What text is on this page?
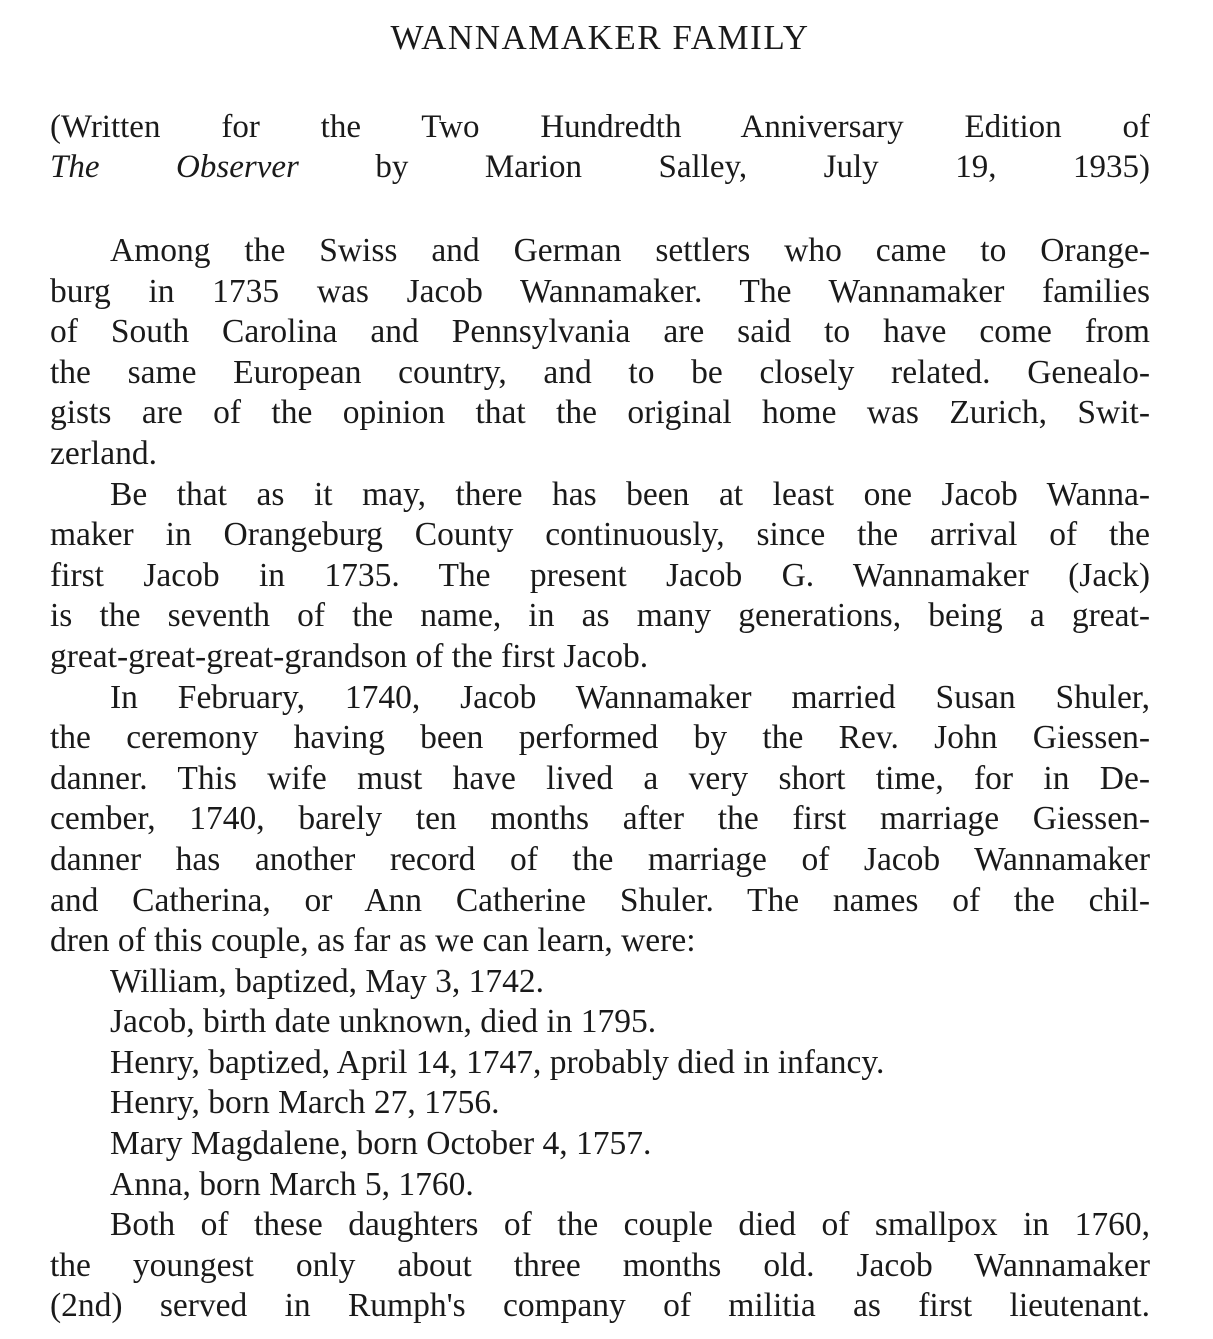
WANNAMAKER FAMILY
(Written for the Two Hundredth Anniversary Edition of
The Observer by Marion Salley, July 19, 1935)
Among the Swiss and German settlers who came to Orange-
burg in 1735 was Jacob Wannamaker. The Wannamaker families
of South Carolina and Pennsylvania are said to have come from
the same European country, and to be closely related. Genealo-
gists are of the opinion that the original home was Zurich, Swit-
zerland.
Be that as it may, there has been at least one Jacob Wanna-
maker in Orangeburg County continuously, since the arrival of the
first Jacob in 1735. The present Jacob G. Wannamaker (Jack)
is the seventh of the name, in as many generations, being a great-
great-great-great-grandson of the first Jacob.
In February, 1740, Jacob Wannamaker married Susan Shuler,
the ceremony having been performed by the Rev. John Giessen-
danner. This wife must have lived a very short time, for in De-
cember, 1740, barely ten months after the first marriage Giessen-
danner has another record of the marriage of Jacob Wannamaker
and Catherina, or Ann Catherine Shuler. The names of the chil-
dren of this couple, as far as we can learn, were:
William, baptized, May 3, 1742.
Jacob, birth date unknown, died in 1795.
Henry, baptized, April 14, 1747, probably died in infancy.
Henry, born March 27, 1756.
Mary Magdalene, born October 4, 1757.
Anna, born March 5, 1760.
Both of these daughters of the couple died of smallpox in 1760,
the youngest only about three months old. Jacob Wannamaker
(2nd) served in Rumph's company of militia as first lieutenant.
